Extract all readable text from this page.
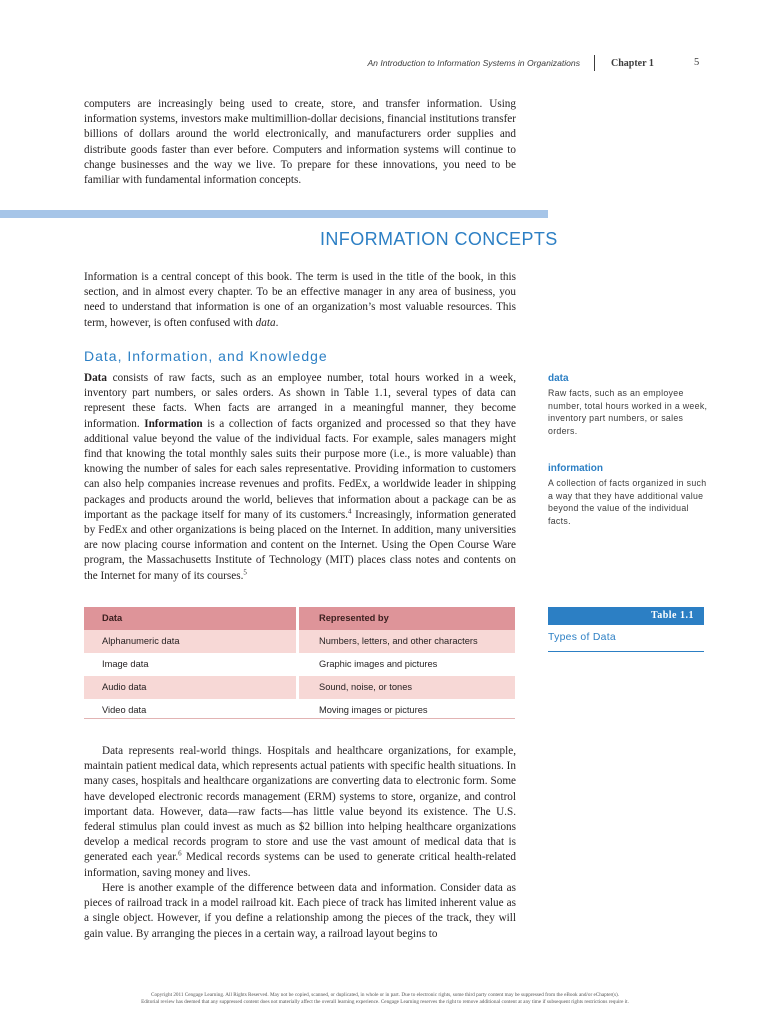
An Introduction to Information Systems in Organizations	Chapter 1	5

computers are increasingly being used to create, store, and transfer information. Using information systems, investors make multimillion-dollar decisions, financial institutions transfer billions of dollars around the world electronically, and manufacturers order supplies and distribute goods faster than ever before. Computers and information systems will continue to change businesses and the way we live. To prepare for these innovations, you need to be familiar with fundamental information concepts.

INFORMATION CONCEPTS

Information is a central concept of this book. The term is used in the title of the book, in this section, and in almost every chapter. To be an effective manager in any area of business, you need to understand that information is one of an organization’s most valuable resources. This term, however, is often confused with data.

Data, Information, and Knowledge

Data consists of raw facts, such as an employee number, total hours worked in a week, inventory part numbers, or sales orders. As shown in Table 1.1, several types of data can represent these facts. When facts are arranged in a meaningful manner, they become information. Information is a collection of facts organized and processed so that they have additional value beyond the value of the individual facts. For example, sales managers might find that knowing the total monthly sales suits their purpose more (i.e., is more valuable) than knowing the number of sales for each sales representative. Providing information to customers can also help companies increase revenues and profits. FedEx, a worldwide leader in shipping packages and products around the world, believes that information about a package can be as important as the package itself for many of its customers.$^4$ Increasingly, information generated by FedEx and other organizations is being placed on the Internet. In addition, many universities are now placing course information and content on the Internet. Using the Open Course Ware program, the Massachusetts Institute of Technology (MIT) places class notes and contents on the Internet for many of its courses.$^5$

data
Raw facts, such as an employee number, total hours worked in a week, inventory part numbers, or sales orders.
information
A collection of facts organized in such a way that they have additional value beyond the value of the individual facts.
Data	Represented by
Alphanumeric data	Numbers, letters, and other characters
Image data	Graphic images and pictures
Audio data	Sound, noise, or tones
Video data	Moving images or pictures
Table 1.1
Types of Data

Data represents real-world things. Hospitals and healthcare organizations, for example, maintain patient medical data, which represents actual patients with specific health situations. In many cases, hospitals and healthcare organizations are converting data to electronic form. Some have developed electronic records management (ERM) systems to store, organize, and control important data. However, data—raw facts—has little value beyond its existence. The U.S. federal stimulus plan could invest as much as $2 billion into helping healthcare organizations develop a medical records program to store and use the vast amount of medical data that is generated each year.$^6$ Medical records systems can be used to generate critical health-related information, saving money and lives.

Here is another example of the difference between data and information. Consider data as pieces of railroad track in a model railroad kit. Each piece of track has limited inherent value as a single object. However, if you define a relationship among the pieces of the track, they will gain value. By arranging the pieces in a certain way, a railroad layout begins to

Copyright 2011 Cengage Learning. All Rights Reserved. May not be copied, scanned, or duplicated, in whole or in part. Due to electronic rights, some third party content may be suppressed from the eBook and/or eChapter(s).
Editorial review has deemed that any suppressed content does not materially affect the overall learning experience. Cengage Learning reserves the right to remove additional content at any time if subsequent rights restrictions require it.
